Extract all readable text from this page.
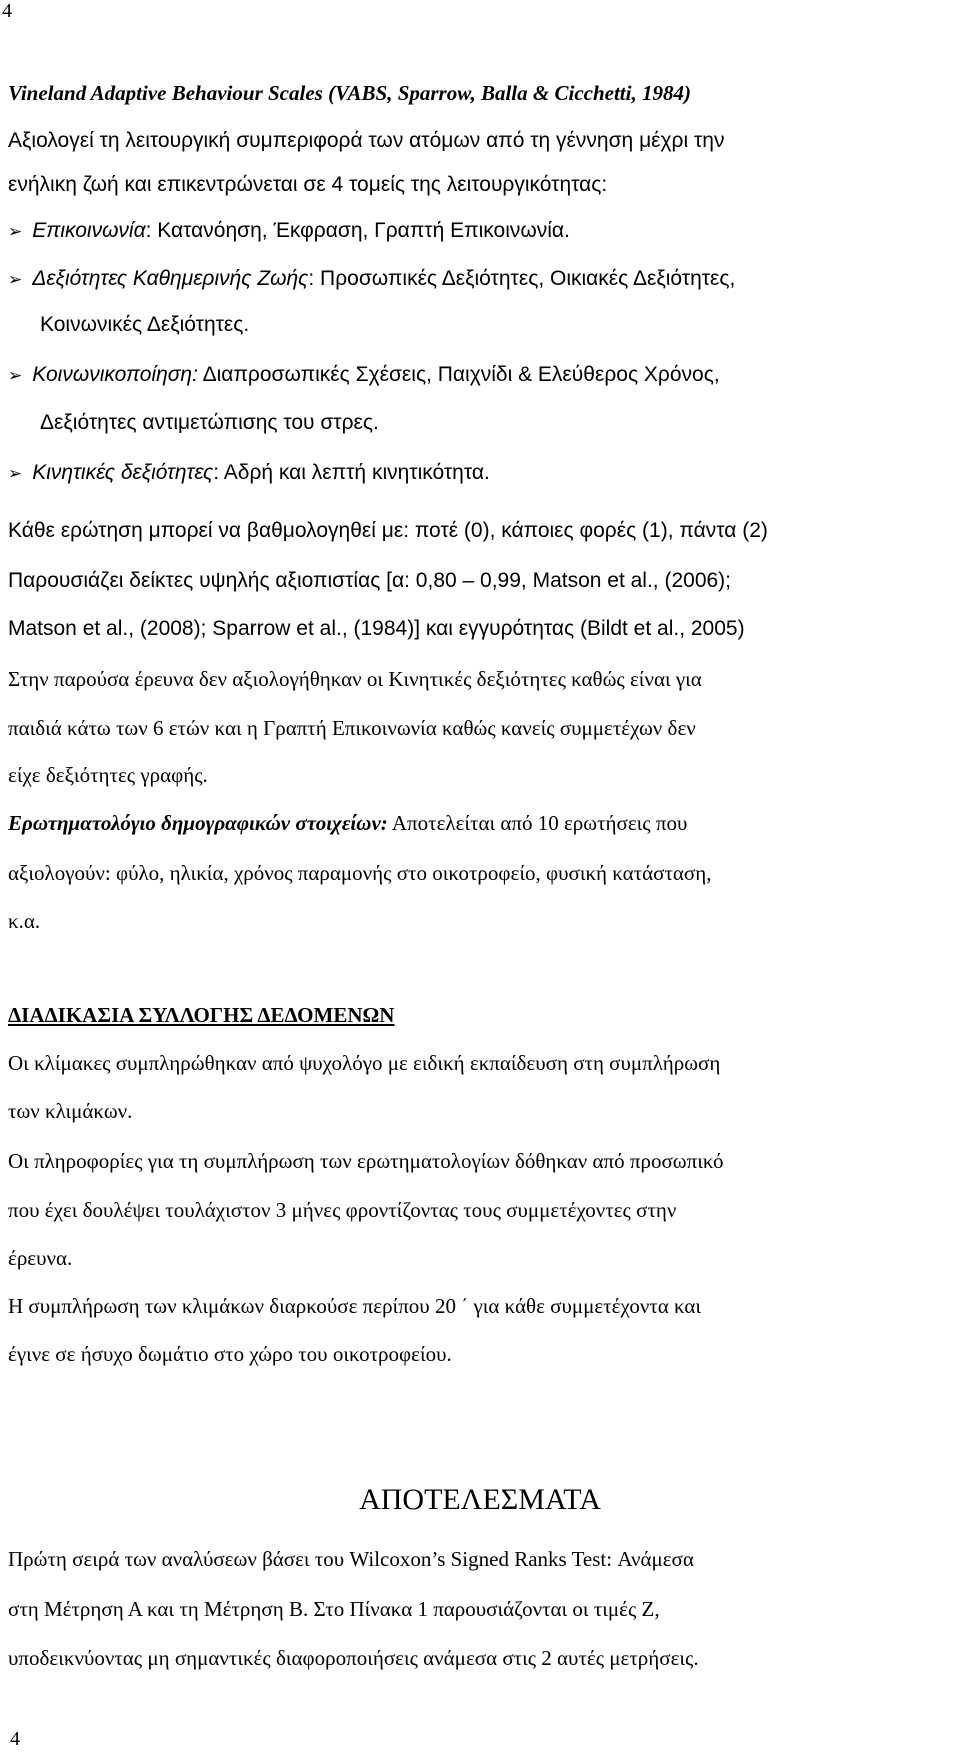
4
Vineland Adaptive Behaviour Scales (VABS, Sparrow, Balla & Cicchetti, 1984)
Αξιολογεί τη λειτουργική συμπεριφορά των ατόμων από τη γέννηση μέχρι την
ενήλικη ζωή και επικεντρώνεται σε 4 τομείς της λειτουργικότητας:
➢ Επικοινωνία: Κατανόηση, Έκφραση, Γραπτή Επικοινωνία.
➢ Δεξιότητες Καθημερινής Ζωής: Προσωπικές Δεξιότητες, Οικιακές Δεξιότητες,
Κοινωνικές Δεξιότητες.
➢ Κοινωνικοποίηση: Διαπροσωπικές Σχέσεις, Παιχνίδι & Ελεύθερος Χρόνος,
Δεξιότητες αντιμετώπισης του στρες.
➢ Κινητικές δεξιότητες: Αδρή και λεπτή κινητικότητα.
Κάθε ερώτηση μπορεί να βαθμολογηθεί με: ποτέ (0), κάποιες φορές (1), πάντα (2)
Παρουσιάζει δείκτες υψηλής αξιοπιστίας [α: 0,80 – 0,99, Matson et al., (2006);
Matson et al., (2008); Sparrow et al., (1984)] και εγγυρότητας (Bildt et al., 2005)
Στην παρούσα έρευνα δεν αξιολογήθηκαν οι Κινητικές δεξιότητες καθώς είναι για
παιδιά κάτω των 6 ετών και η Γραπτή Επικοινωνία καθώς κανείς συμμετέχων δεν
είχε δεξιότητες γραφής.
Ερωτηματολόγιο δημογραφικών στοιχείων: Αποτελείται από 10 ερωτήσεις που
αξιολογούν: φύλο, ηλικία, χρόνος παραμονής στο οικοτροφείο, φυσική κατάσταση,
κ.α.
ΔΙΑΔΙΚΑΣΙΑ ΣΥΛΛΟΓΗΣ ΔΕΔΟΜΕΝΩΝ
Οι κλίμακες συμπληρώθηκαν από ψυχολόγο με ειδική εκπαίδευση στη συμπλήρωση
των κλιμάκων.
Οι πληροφορίες για τη συμπλήρωση των ερωτηματολογίων δόθηκαν από προσωπικό
που έχει δουλέψει τουλάχιστον 3 μήνες φροντίζοντας τους συμμετέχοντες στην
έρευνα.
Η συμπλήρωση των κλιμάκων διαρκούσε περίπου 20 ΄ για κάθε συμμετέχοντα και
έγινε σε ήσυχο δωμάτιο στο χώρο του οικοτροφείου.
ΑΠΟΤΕΛΕΣΜΑΤΑ
Πρώτη σειρά των αναλύσεων βάσει του Wilcoxon’s Signed Ranks Test: Ανάμεσα
στη Μέτρηση Α και τη Μέτρηση Β. Στο Πίνακα 1 παρουσιάζονται οι τιμές Z,
υποδεικνύοντας μη σημαντικές διαφοροποιήσεις ανάμεσα στις 2 αυτές μετρήσεις.
4
